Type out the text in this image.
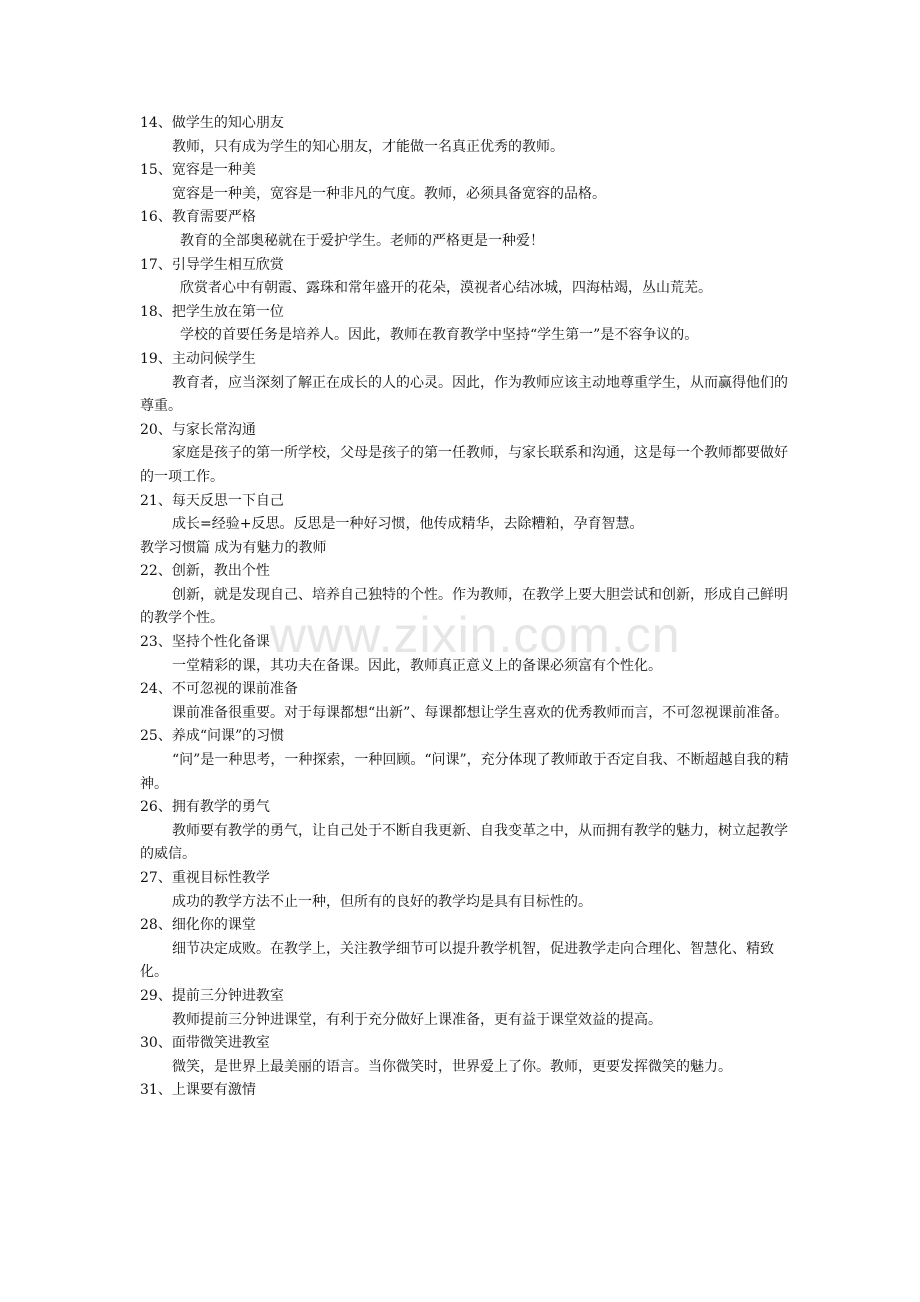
www.zixin.com.cn

14、做学生的知心朋友

教师，只有成为学生的知心朋友，才能做一名真正优秀的教师。

15、宽容是一种美

宽容是一种美，宽容是一种非凡的气度。教师，必须具备宽容的品格。

16、教育需要严格

教育的全部奥秘就在于爱护学生。老师的严格更是一种爱！

17、引导学生相互欣赏

欣赏者心中有朝霞、露珠和常年盛开的花朵，漠视者心结冰城，四海枯竭，丛山荒芜。

18、把学生放在第一位

学校的首要任务是培养人。因此，教师在教育教学中坚持“学生第一”是不容争议的。

19、主动问候学生

教育者，应当深刻了解正在成长的人的心灵。因此，作为教师应该主动地尊重学生，从而赢得他们的尊重。

20、与家长常沟通

家庭是孩子的第一所学校，父母是孩子的第一任教师，与家长联系和沟通，这是每一个教师都要做好的一项工作。

21、每天反思一下自己

成长=经验+反思。反思是一种好习惯，他传成精华，去除糟粕，孕育智慧。

教学习惯篇 成为有魅力的教师

22、创新，教出个性

创新，就是发现自己、培养自己独特的个性。作为教师，在教学上要大胆尝试和创新，形成自己鲜明的教学个性。

23、坚持个性化备课

一堂精彩的课，其功夫在备课。因此，教师真正意义上的备课必须富有个性化。

24、不可忽视的课前准备

课前准备很重要。对于每课都想“出新”、每课都想让学生喜欢的优秀教师而言，不可忽视课前准备。

25、养成“问课”的习惯

“问”是一种思考，一种探索，一种回顾。“问课”，充分体现了教师敢于否定自我、不断超越自我的精神。

26、拥有教学的勇气

教师要有教学的勇气，让自己处于不断自我更新、自我变革之中，从而拥有教学的魅力，树立起教学的威信。

27、重视目标性教学

成功的教学方法不止一种，但所有的良好的教学均是具有目标性的。

28、细化你的课堂

细节决定成败。在教学上，关注教学细节可以提升教学机智，促进教学走向合理化、智慧化、精致化。

29、提前三分钟进教室

教师提前三分钟进课堂，有利于充分做好上课准备，更有益于课堂效益的提高。

30、面带微笑进教室

微笑，是世界上最美丽的语言。当你微笑时，世界爱上了你。教师，更要发挥微笑的魅力。

31、上课要有激情
